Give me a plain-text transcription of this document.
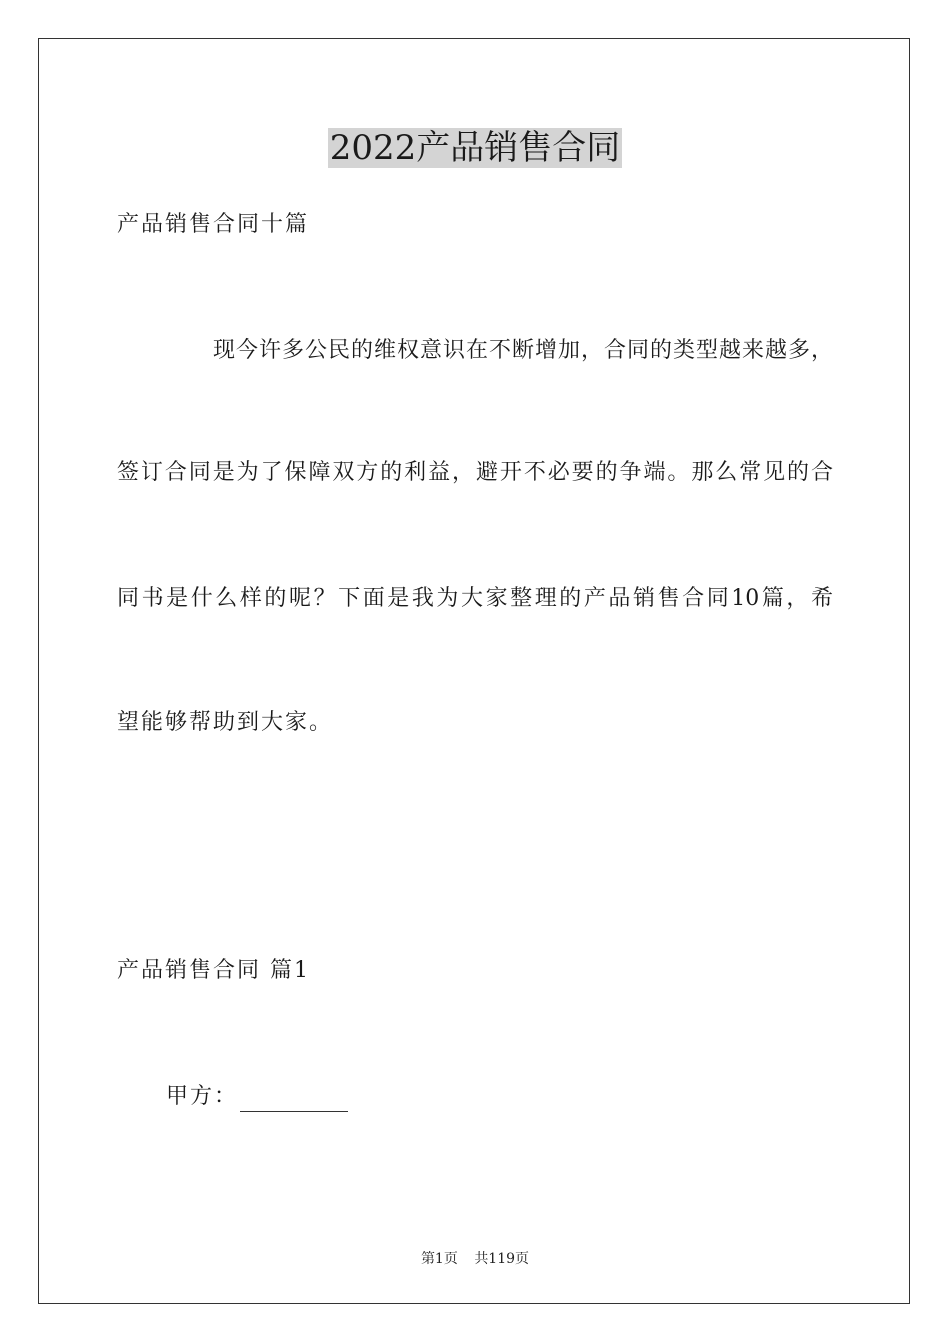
2022产品销售合同
产品销售合同十篇
现今许多公民的维权意识在不断增加，合同的类型越来越多，
签订合同是为了保障双方的利益，避开不必要的争端。那么常见的合
同书是什么样的呢？下面是我为大家整理的产品销售合同10篇，希
望能够帮助到大家。
产品销售合同 篇1
甲方：
第1页 共119页
